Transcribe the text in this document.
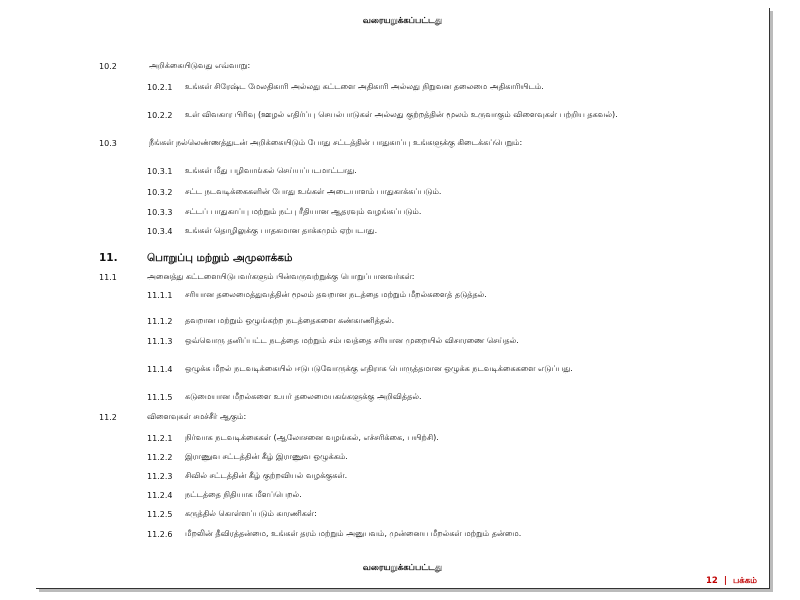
வரையறுக்கப்பட்டது
10.2	அறிக்கையிடுவது எவ்வாறு:
10.2.1	உங்கள் சிரேஷ்ட மேலதிகாரி அல்லது கட்டளை அதிகாரி அல்லது நிறுவன தலைமை அதிகாரியிடம்.
10.2.2	உள் விவகார பிரிவு (ஊழல் எதிர்ப்பு செயல்பாடுகள் அல்லது குற்றத்தின் மூலம் உருவாகும் விளைவுகள் பற்றிய தகவல்).
10.3	நீங்கள் நல்லெண்ணத்துடன் அறிக்கையிடும் போது சட்டத்தின் பாதுகாப்பு உங்களுக்கு கிடைக்கப்பெறும்:
10.3.1 உங்கள் மீது பழிவாங்கல் செய்யப்படமாட்டாது.
10.3.2 சட்ட நடவடிக்கைகளின் போது உங்கள் அடையாளம் பாதுகாக்கப்படும்.
10.3.3 சட்டப் பாதுகாப்பு மற்றும் நட்பு ரீதியான ஆதரவும் வழங்கப்படும்.
10.3.4 உங்கள் தொழிலுக்கு பாதகமான தாக்கமும் ஏற்படாது.
11.	பொறுப்பு மற்றும் அமுலாக்கம்
11.1	அனைத்து கட்டளையிடுபவர்களும் பின்வருவற்றுக்கு பொறுப்பானவர்கள்:
11.1.1	சரியான தலைமைத்துவத்தின் மூலம் தவறான நடத்தை மற்றும் மீறல்களைத் தடுத்தல்.
11.1.2 தவறான மற்றும் ஒழுங்கற்ற நடத்தைகளை கண்காணித்தல்.
11.1.3	ஒவ்வொரு தனிப்பட்ட நடத்தை மற்றும் சம்பவத்தை சரியான முறையில் விசாரணை செய்தல்.
11.1.4	ஒழுக்க மீறல் நடவடிக்கையில் ஈடுபடுவோருக்கு எதிராக பொருத்தமான ஒழுக்க நடவடிக்கைகளை எடுப்பது.
11.1.5 கடுமையான மீறல்களை உயர் தலைமையகங்களுக்கு அறிவித்தல்.
11.2	விளைவுகள் சமச்சீர் ஆகும்:
11.2.1 நிர்வாக நடவடிக்கைகள் (ஆலோசனை வழங்கல், எச்சரிக்கை, பயிற்சி).
11.2.2 இராணுவ சட்டத்தின் கீழ் இராணுவ ஒழுக்கம்.
11.2.3 சிவில் சட்டத்தின் கீழ் குற்றவியல் வழக்குகள்.
11.2.4 நட்டத்தை நிதியாக மீளப்பெறல்.
11.2.5 கருத்தில் கொள்ளப்படும் காரணிகள்:
11.2.6	மீறலின் தீவிரத்தன்மை, உங்கள் தரம் மற்றும் அனுபவம், முன்னைய மீறல்கள் மற்றும் தன்மை.
வரையறுக்கப்பட்டது
12 | பக்கம்
